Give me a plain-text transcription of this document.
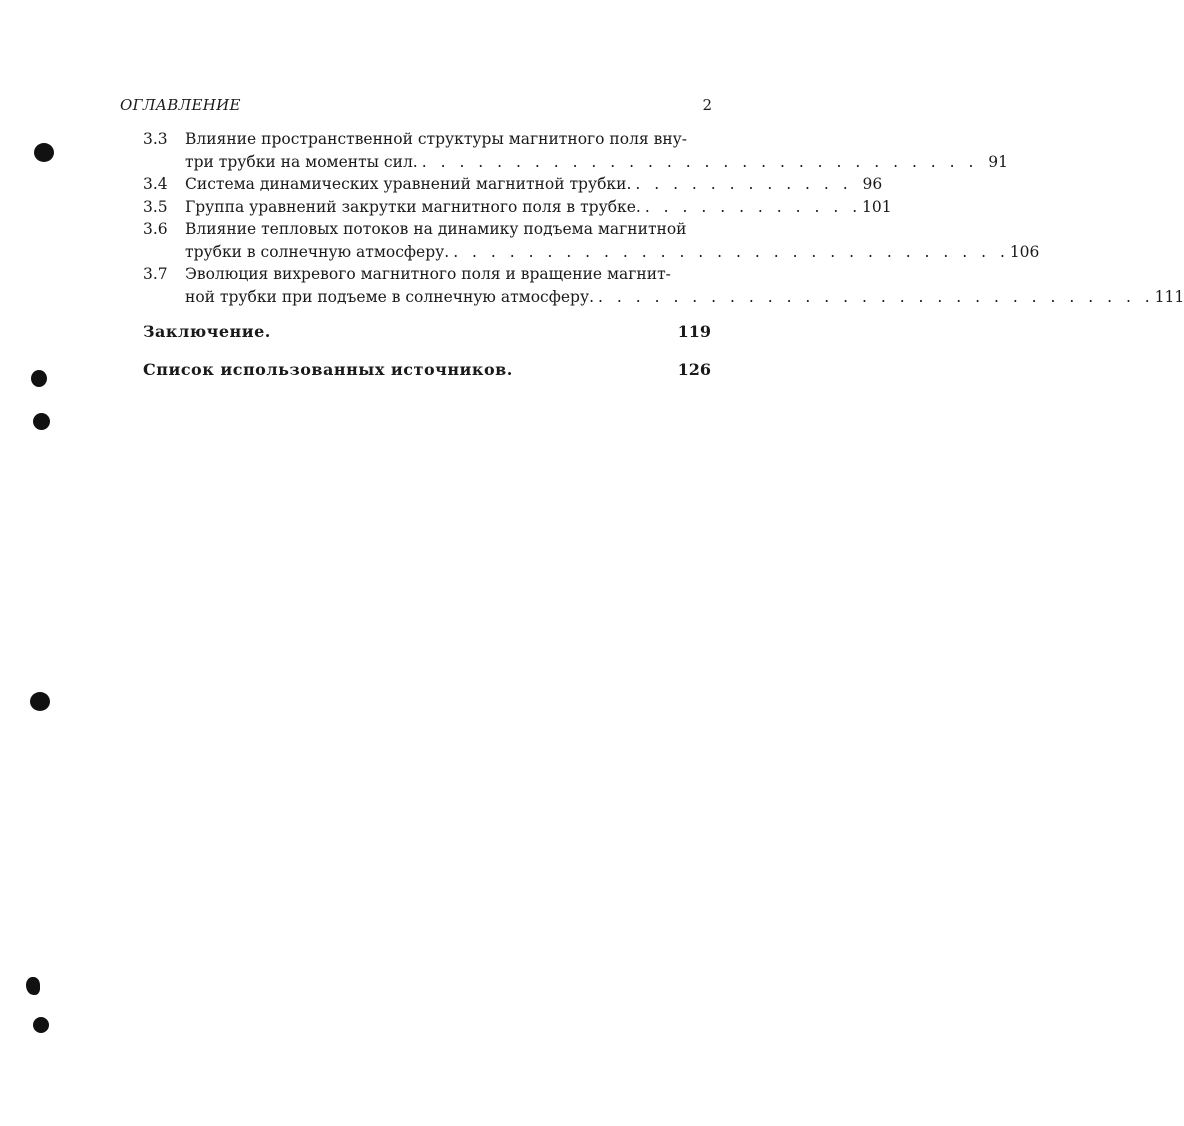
ОГЛАВЛЕНИЕ	2
3.3	Влияние пространственной структуры магнитного поля вну-
три трубки на моменты сил. . . . . . . . . . . . . . . . . . . . . . . . . . . . . . . 91
3.4	Система динамических уравнений магнитной трубки. . . . . . . . . . . . . 96
3.5	Группа уравнений закрутки магнитного поля в трубке. . . . . . . . . . . . . 101
3.6	Влияние тепловых потоков на динамику подъема магнитной
трубки в солнечную атмосферу. . . . . . . . . . . . . . . . . . . . . . . . . . . . . . . 106
3.7	Эволюция вихревого магнитного поля и вращение магнит-
ной трубки при подъеме в солнечную атмосферу. . . . . . . . . . . . . . . . . . . . . . . . . . . . . . . 111
Заключение.	119
Список использованных источников.	126
